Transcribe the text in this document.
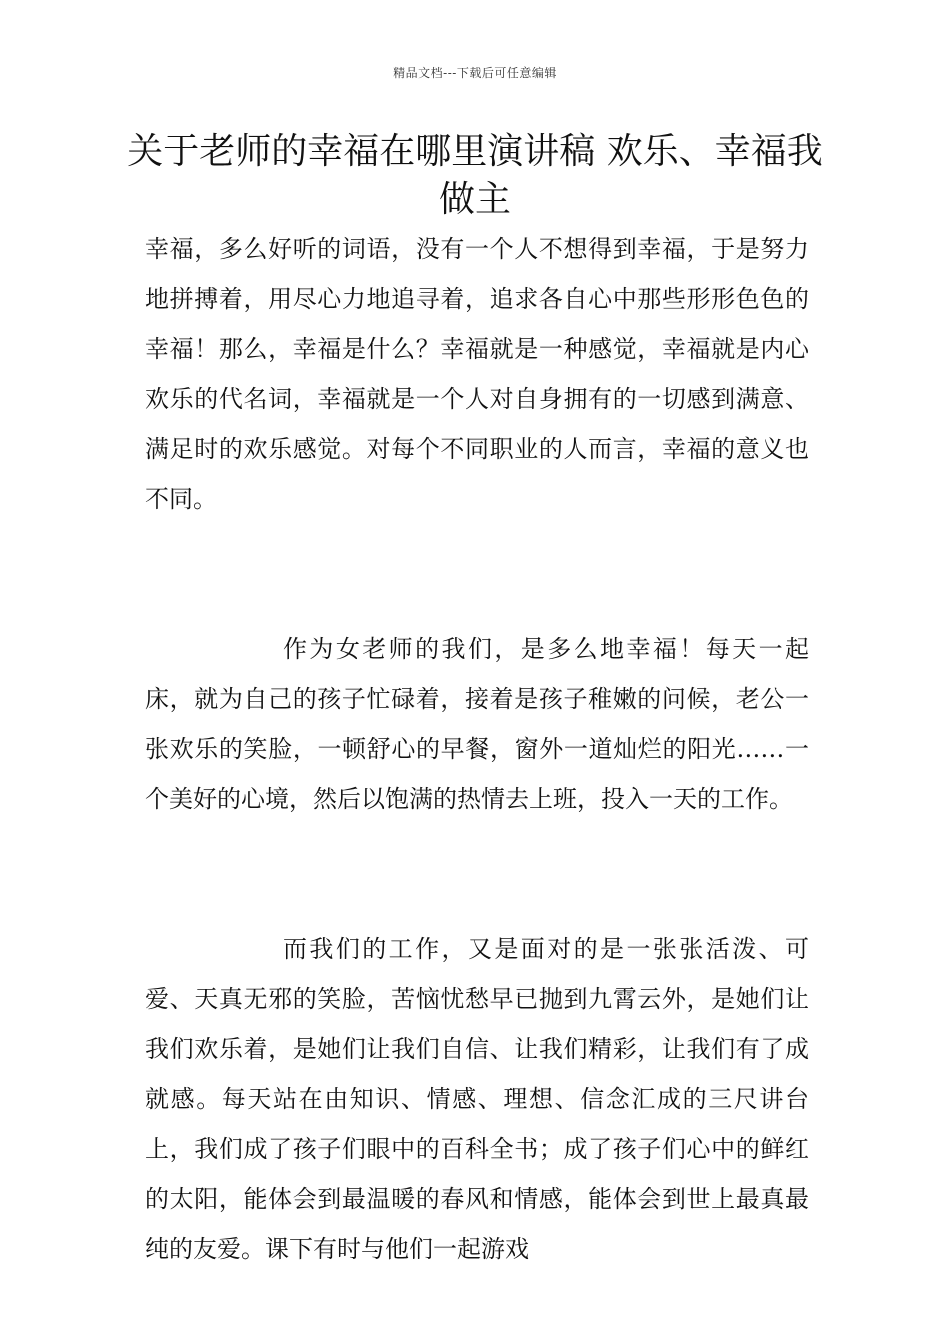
精品文档---下载后可任意编辑
关于老师的幸福在哪里演讲稿 欢乐、幸福我做主

幸福，多么好听的词语，没有一个人不想得到幸福，于是努力地拼搏着，用尽心力地追寻着，追求各自心中那些形形色色的幸福！那么，幸福是什么？幸福就是一种感觉，幸福就是内心欢乐的代名词，幸福就是一个人对自身拥有的一切感到满意、满足时的欢乐感觉。对每个不同职业的人而言，幸福的意义也不同。

作为女老师的我们，是多么地幸福！每天一起床，就为自己的孩子忙碌着，接着是孩子稚嫩的问候，老公一张欢乐的笑脸，一顿舒心的早餐，窗外一道灿烂的阳光……一个美好的心境，然后以饱满的热情去上班，投入一天的工作。

而我们的工作，又是面对的是一张张活泼、可爱、天真无邪的笑脸，苦恼忧愁早已抛到九霄云外，是她们让我们欢乐着，是她们让我们自信、让我们精彩，让我们有了成就感。每天站在由知识、情感、理想、信念汇成的三尺讲台上，我们成了孩子们眼中的百科全书；成了孩子们心中的鲜红的太阳，能体会到最温暖的春风和情感，能体会到世上最真最纯的友爱。课下有时与他们一起游戏
